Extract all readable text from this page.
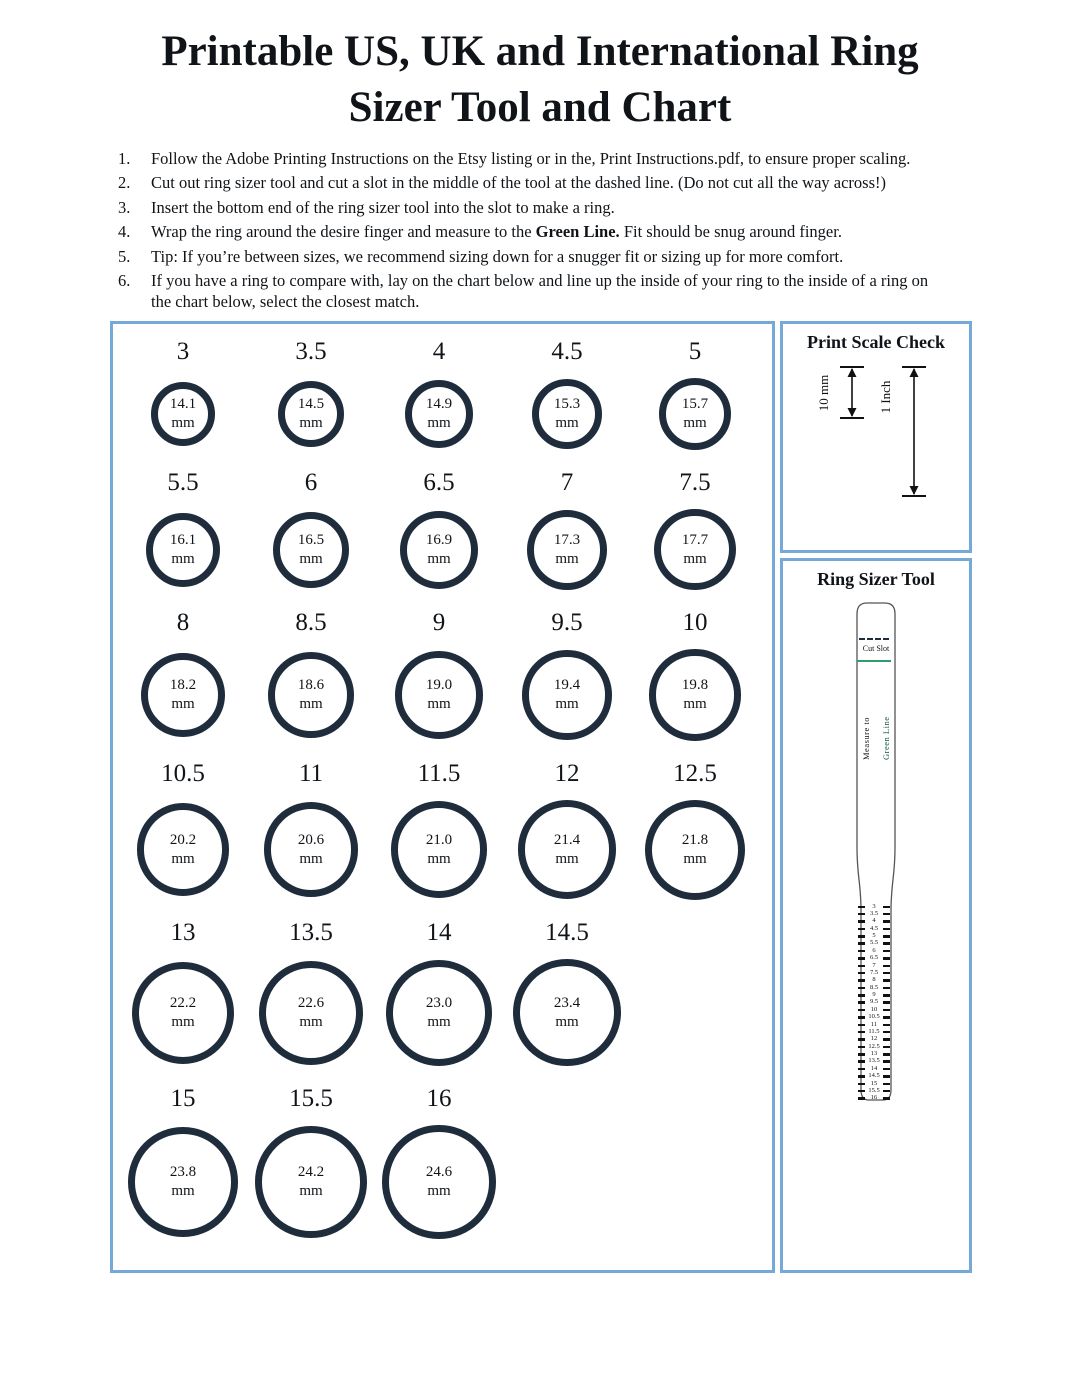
Printable US, UK and International Ring
Sizer Tool and Chart
1.	Follow the Adobe Printing Instructions on the Etsy listing or in the, Print Instructions.pdf, to ensure proper scaling.
2.	Cut out ring sizer tool and cut a slot in the middle of the tool at the dashed line. (Do not cut all the way across!)
3.	Insert the bottom end of the ring sizer tool into the slot to make a ring.
4.	Wrap the ring around the desire finger and measure to the Green Line. Fit should be snug around finger.
5.	Tip: If you’re between sizes, we recommend sizing down for a snugger fit or sizing up for more comfort.
6.	If you have a ring to compare with, lay on the chart below and line up the inside of your ring to the inside of a ring on the chart below, select the closest match.
3
14.1
mm
3.5
14.5
mm
4
14.9
mm
4.5
15.3
mm
5
15.7
mm
5.5
16.1
mm
6
16.5
mm
6.5
16.9
mm
7
17.3
mm
7.5
17.7
mm
8
18.2
mm
8.5
18.6
mm
9
19.0
mm
9.5
19.4
mm
10
19.8
mm
10.5
20.2
mm
11
20.6
mm
11.5
21.0
mm
12
21.4
mm
12.5
21.8
mm
13
22.2
mm
13.5
22.6
mm
14
23.0
mm
14.5
23.4
mm
15
23.8
mm
15.5
24.2
mm
16
24.6
mm
Print Scale Check
10 mm	1 Inch
Ring Sizer Tool
Cut Slot
Measure to Green Line
3
3.5
4
4.5
5
5.5
6
6.5
7
7.5
8
8.5
9
9.5
10
10.5
11
11.5
12
12.5
13
13.5
14
14.5
15
15.5
16
